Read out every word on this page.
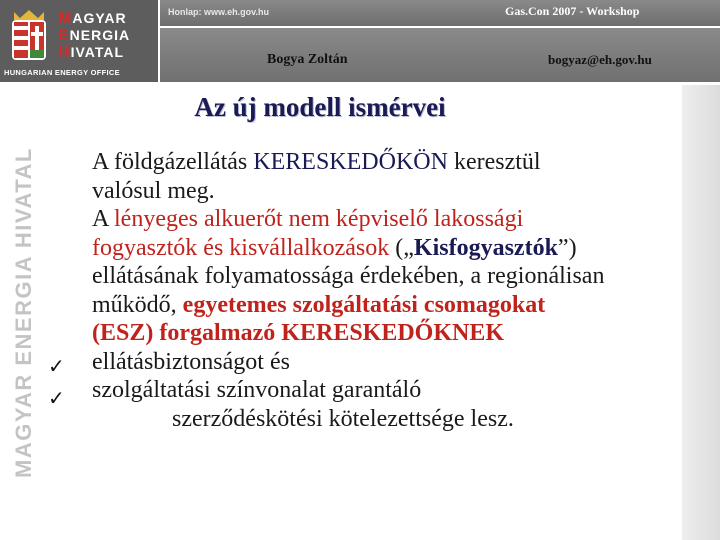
MAGYAR
ENERGIA
HIVATAL
HUNGARIAN ENERGY OFFICE
Honlap: www.eh.gov.hu	Gas.Con 2007 - Workshop
Bogya Zoltán	bogyaz@eh.gov.hu
MAGYAR ENERGIA HIVATAL
Az új modell ismérvei
A földgázellátás KERESKEDŐKÖN keresztül
valósul meg.
A lényeges alkuerőt nem képviselő lakossági
fogyasztók és kisvállalkozások („Kisfogyasztók”)
ellátásának folyamatossága érdekében, a regionálisan
működő, egyetemes szolgáltatási csomagokat
(ESZ) forgalmazó KERESKEDŐKNEK
ellátásbiztonságot és
szolgáltatási színvonalat garantáló
szerződéskötési kötelezettsége lesz.
✓
✓
